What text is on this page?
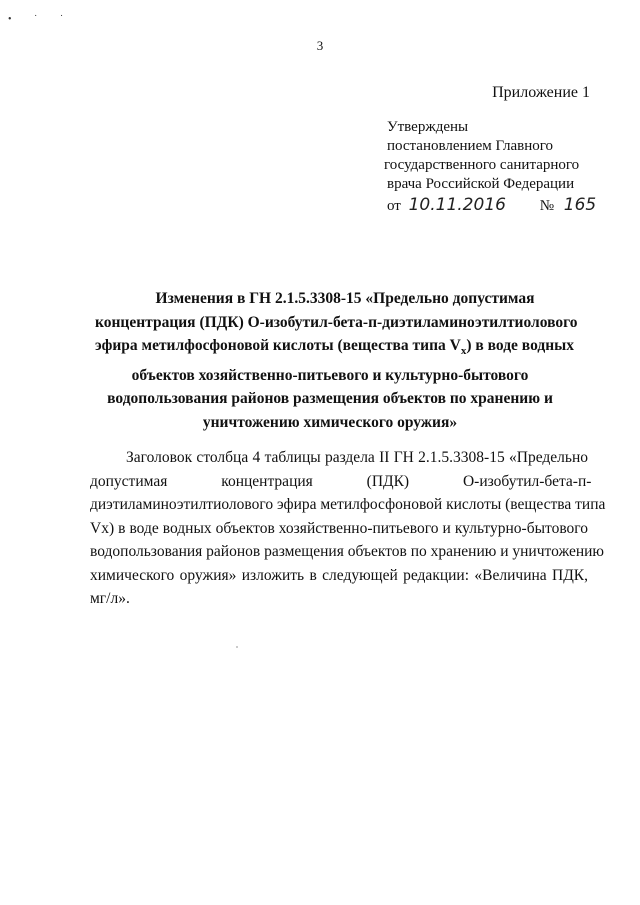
• ˙ ˙
3
Приложение 1
Утверждены
постановлением Главного
государственного санитарного
врача Российской Федерации
от 10.11.2016 № 165
Изменения в ГН 2.1.5.3308-15 «Предельно допустимая
концентрация (ПДК) О-изобутил-бета-п-диэтиламиноэтилтиолового
эфира метилфосфоновой кислоты (вещества типа $V_x$) в воде водных
объектов хозяйственно-питьевого и культурно-бытового
водопользования районов размещения объектов по хранению и
уничтожению химического оружия»
Заголовок столбца 4 таблицы раздела II ГН 2.1.5.3308-15 «Предельно
допустимая концентрация (ПДК) О-изобутил-бета-п-
диэтиламиноэтилтиолового эфира метилфосфоновой кислоты (вещества типа
Vx) в воде водных объектов хозяйственно-питьевого и культурно-бытового
водопользования районов размещения объектов по хранению и уничтожению
химического оружия» изложить в следующей редакции: «Величина ПДК,
мг/л».
